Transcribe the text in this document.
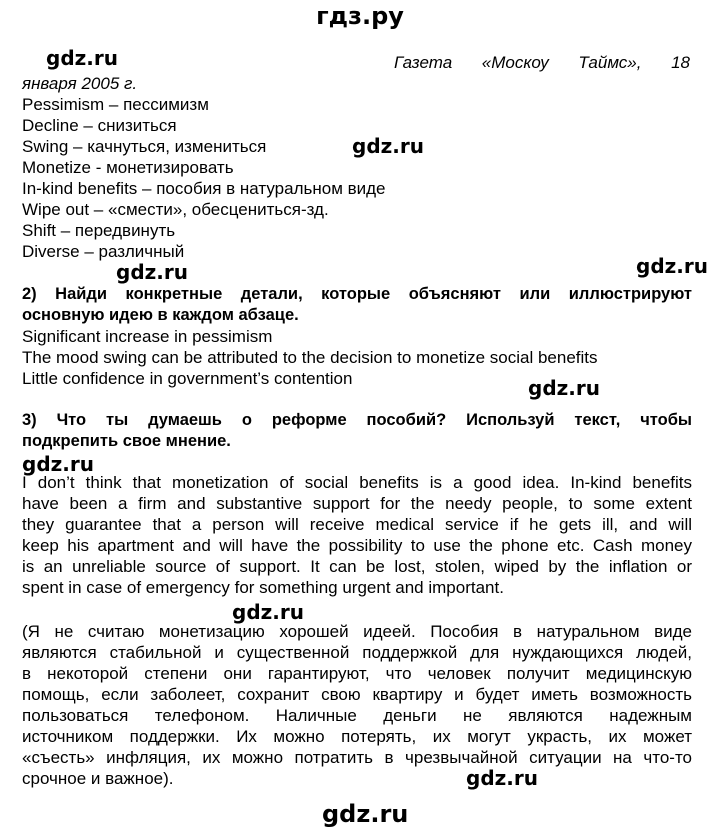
гдз.ру
gdz.ru
gdz.ru
gdz.ru	gdz.ru
gdz.ru
gdz.ru
gdz.ru
gdz.ru
gdz.ru
Газета «Москоу Таймс», 18
января 2005 г.
Pessimism – пессимизм
Decline – снизиться
Swing – качнуться, измениться
Monetize - монетизировать
In-kind benefits – пособия в натуральном виде
Wipe out – «смести», обесцениться-зд.
Shift – передвинуть
Diverse – различный
2) Найди конкретные детали, которые объясняют или иллюстрируют
основную идею в каждом абзаце.
Significant increase in pessimism
The mood swing can be attributed to the decision to monetize social benefits
Little confidence in government’s contention
3) Что ты думаешь о реформе пособий? Используй текст, чтобы
подкрепить свое мнение.
I don’t think that monetization of social benefits is a good idea. In-kind benefits
have been a firm and substantive support for the needy people, to some extent
they guarantee that a person will receive medical service if he gets ill, and will
keep his apartment and will have the possibility to use the phone etc. Cash money
is an unreliable source of support. It can be lost, stolen, wiped by the inflation or
spent in case of emergency for something urgent and important.
(Я не считаю монетизацию хорошей идеей. Пособия в натуральном виде
являются стабильной и существенной поддержкой для нуждающихся людей,
в некоторой степени они гарантируют, что человек получит медицинскую
помощь, если заболеет, сохранит свою квартиру и будет иметь возможность
пользоваться телефоном. Наличные деньги не являются надежным
источником поддержки. Их можно потерять, их могут украсть, их может
«съесть» инфляция, их можно потратить в чрезвычайной ситуации на что-то
срочное и важное).
